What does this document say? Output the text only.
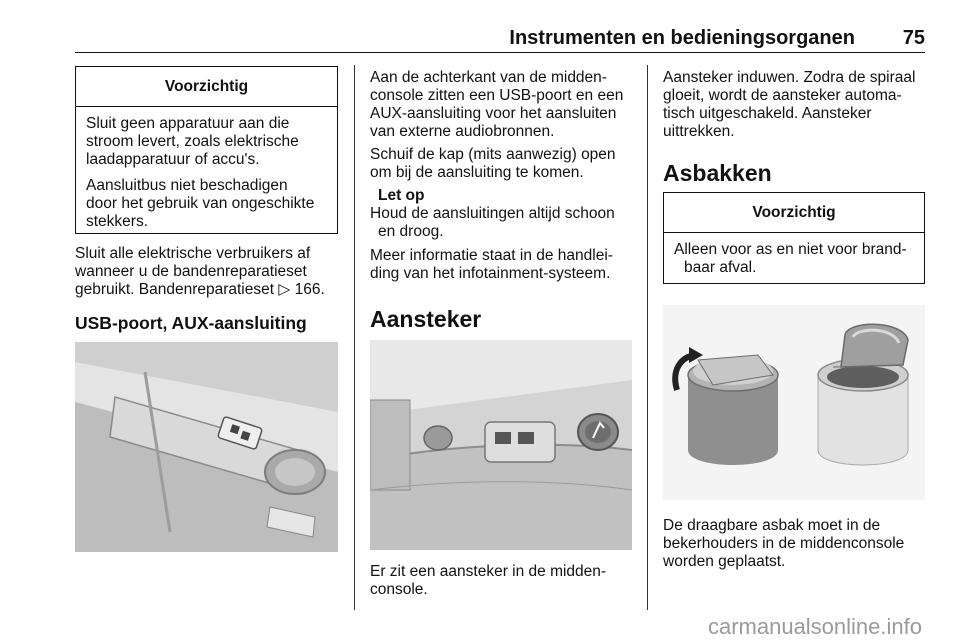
Instrumenten en bedieningsorganen 75
Voorzichtig

Sluit geen apparatuur aan die
stroom levert, zoals elektrische
laadapparatuur of accu's.

Aansluitbus niet beschadigen
door het gebruik van ongeschikte
stekkers.

Sluit alle elektrische verbruikers af
wanneer u de bandenreparatieset
gebruikt. Bandenreparatieset ▷ 166.
USB-poort, AUX-aansluiting
Aan de achterkant van de midden-
console zitten een USB-poort en een
AUX-aansluiting voor het aansluiten
van externe audiobronnen.
Schuif de kap (mits aanwezig) open
om bij de aansluiting te komen.
Let op
Houd de aansluitingen altijd schoon
en droog.
Meer informatie staat in de handlei-
ding van het infotainment-systeem.
Aansteker
Er zit een aansteker in de midden-
console.
Aansteker induwen. Zodra de spiraal
gloeit, wordt de aansteker automa-
tisch uitgeschakeld. Aansteker
uittrekken.
Asbakken
Voorzichtig
Alleen voor as en niet voor brand-
baar afval.
De draagbare asbak moet in de
bekerhouders in de middenconsole
worden geplaatst.
carmanualsonline.info
